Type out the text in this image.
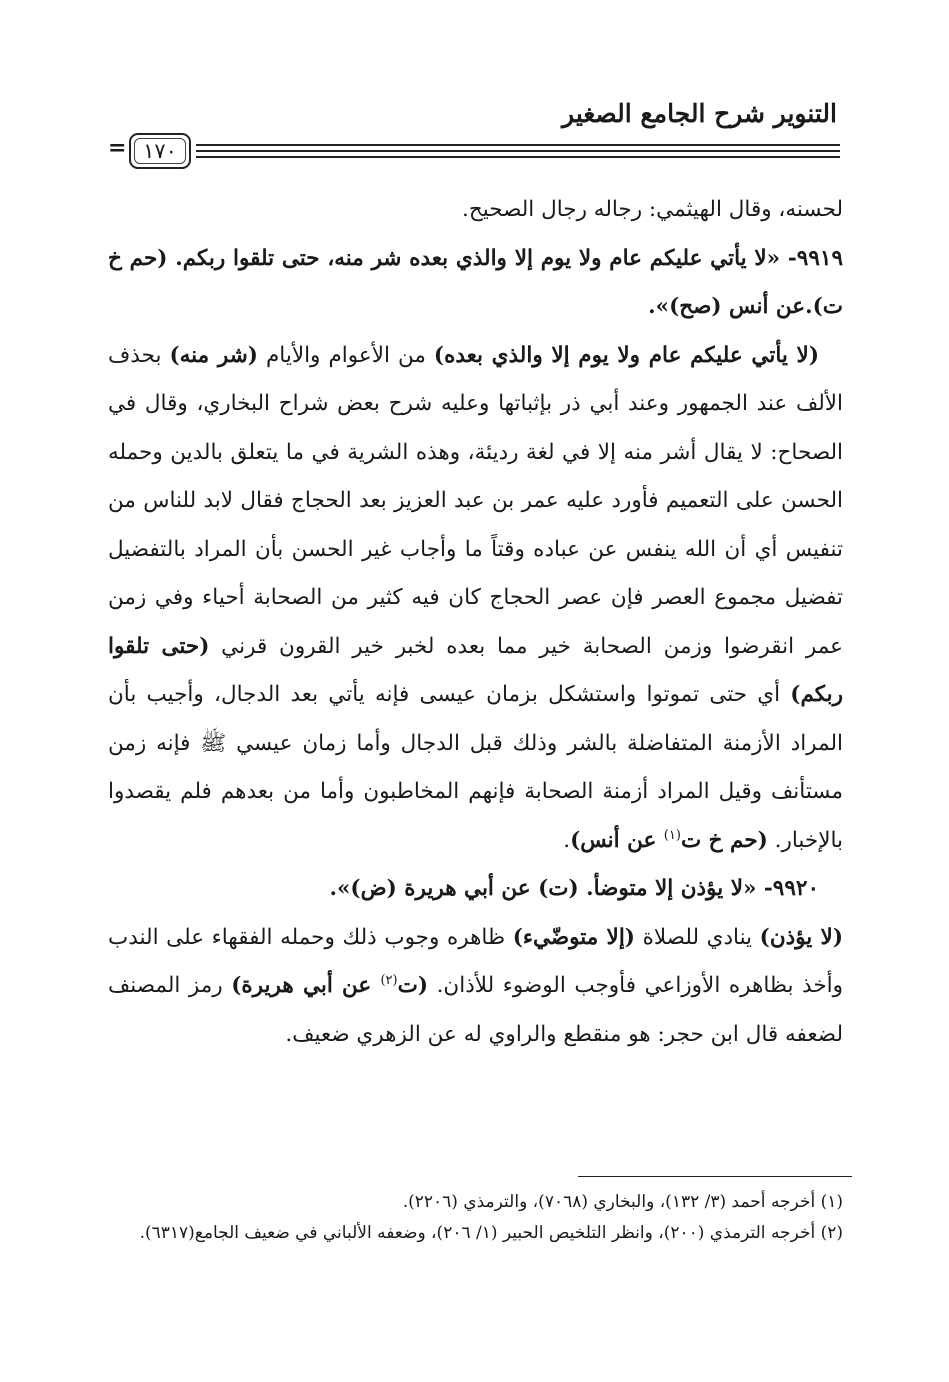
التنوير شرح الجامع الصغير
١٧٠
=

لحسنه، وقال الهيثمي: رجاله رجال الصحيح.

٩٩١٩- «لا يأتي عليكم عام ولا يوم إلا والذي بعده شر منه، حتى تلقوا ربكم. (حم خ ت).عن أنس (صح)».

(لا يأتي عليكم عام ولا يوم إلا والذي بعده) من الأعوام والأيام (شر منه) بحذف الألف عند الجمهور وعند أبي ذر بإثباتها وعليه شرح بعض شراح البخاري، وقال في الصحاح: لا يقال أشر منه إلا في لغة رديئة، وهذه الشرية في ما يتعلق بالدين وحمله الحسن على التعميم فأورد عليه عمر بن عبد العزيز بعد الحجاج فقال لابد للناس من تنفيس أي أن الله ينفس عن عباده وقتاً ما وأجاب غير الحسن بأن المراد بالتفضيل تفضيل مجموع العصر فإن عصر الحجاج كان فيه كثير من الصحابة أحياء وفي زمن عمر انقرضوا وزمن الصحابة خير مما بعده لخبر خير القرون قرني (حتى تلقوا ربكم) أي حتى تموتوا واستشكل بزمان عيسى فإنه يأتي بعد الدجال، وأجيب بأن المراد الأزمنة المتفاضلة بالشر وذلك قبل الدجال وأما زمان عيسي ﷺ فإنه زمن مستأنف وقيل المراد أزمنة الصحابة فإنهم المخاطبون وأما من بعدهم فلم يقصدوا بالإخبار. (حم خ ت$^{(١)}$ عن أنس).

٩٩٢٠- «لا يؤذن إلا متوضأ. (ت) عن أبي هريرة (ض)».

(لا يؤذن) ينادي للصلاة (إلا متوضّيء) ظاهره وجوب ذلك وحمله الفقهاء على الندب وأخذ بظاهره الأوزاعي فأوجب الوضوء للأذان. (ت$^{(٢)}$ عن أبي هريرة) رمز المصنف لضعفه قال ابن حجر: هو منقطع والراوي له عن الزهري ضعيف.

(١) أخرجه أحمد (٣/ ١٣٢)، والبخاري (٧٠٦٨)، والترمذي (٢٢٠٦).

(٢) أخرجه الترمذي (٢٠٠)، وانظر التلخيص الحبير (١/ ٢٠٦)، وضعفه الألباني في ضعيف الجامع(٦٣١٧).
